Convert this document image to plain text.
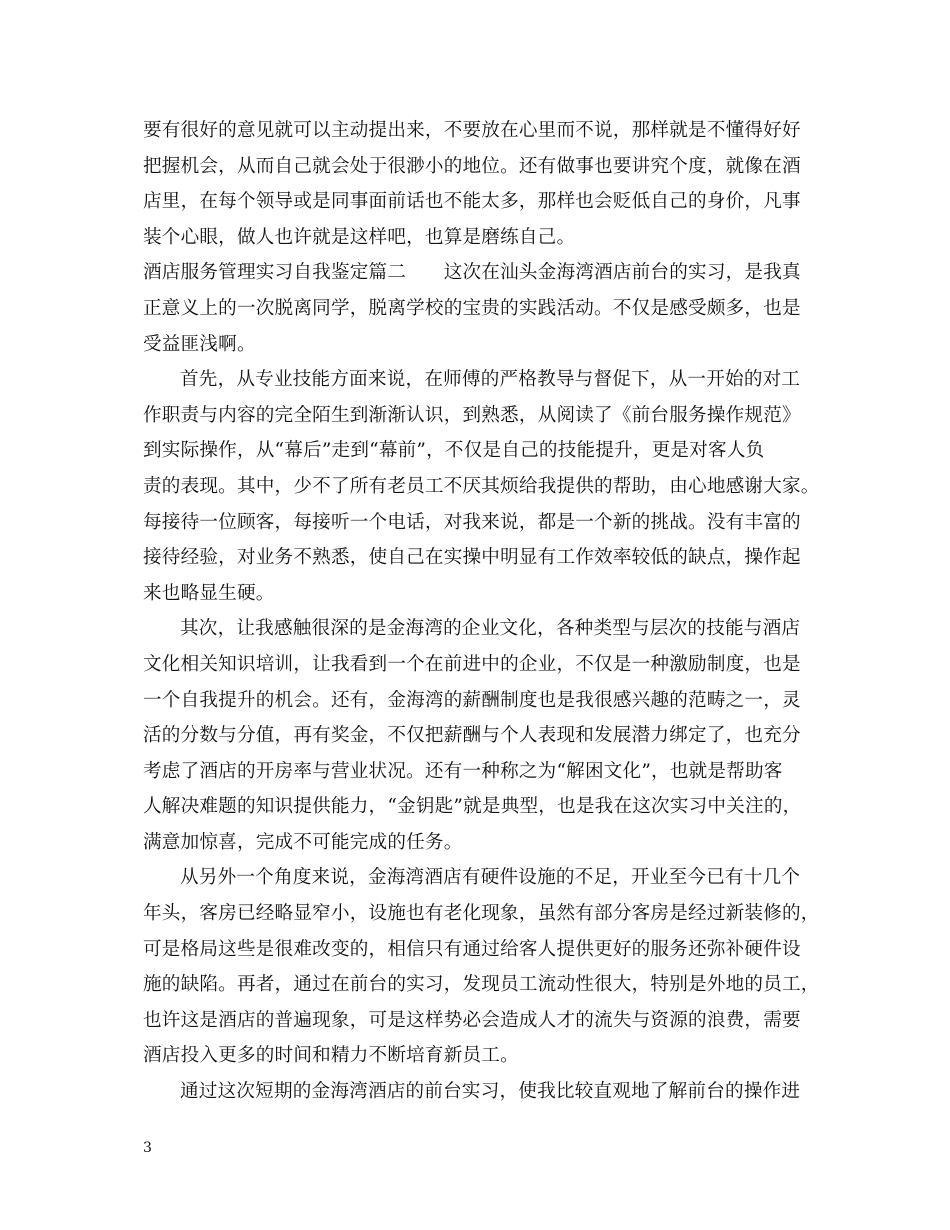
要有很好的意见就可以主动提出来，不要放在心里而不说，那样就是不懂得好好
把握机会，从而自己就会处于很渺小的地位。还有做事也要讲究个度，就像在酒
店里，在每个领导或是同事面前话也不能太多，那样也会贬低自己的身价，凡事
装个心眼，做人也许就是这样吧，也算是磨练自己。
酒店服务管理实习自我鉴定篇二　　这次在汕头金海湾酒店前台的实习，是我真
正意义上的一次脱离同学，脱离学校的宝贵的实践活动。不仅是感受颇多，也是
受益匪浅啊。
首先，从专业技能方面来说，在师傅的严格教导与督促下，从一开始的对工
作职责与内容的完全陌生到渐渐认识，到熟悉，从阅读了《前台服务操作规范》
到实际操作，从“幕后”走到“幕前”，不仅是自己的技能提升，更是对客人负
责的表现。其中，少不了所有老员工不厌其烦给我提供的帮助，由心地感谢大家。
每接待一位顾客，每接听一个电话，对我来说，都是一个新的挑战。没有丰富的
接待经验，对业务不熟悉，使自己在实操中明显有工作效率较低的缺点，操作起
来也略显生硬。
其次，让我感触很深的是金海湾的企业文化，各种类型与层次的技能与酒店
文化相关知识培训，让我看到一个在前进中的企业，不仅是一种激励制度，也是
一个自我提升的机会。还有，金海湾的薪酬制度也是我很感兴趣的范畴之一，灵
活的分数与分值，再有奖金，不仅把薪酬与个人表现和发展潜力绑定了，也充分
考虑了酒店的开房率与营业状况。还有一种称之为“解困文化”，也就是帮助客
人解决难题的知识提供能力，“金钥匙”就是典型，也是我在这次实习中关注的，
满意加惊喜，完成不可能完成的任务。
从另外一个角度来说，金海湾酒店有硬件设施的不足，开业至今已有十几个
年头，客房已经略显窄小，设施也有老化现象，虽然有部分客房是经过新装修的，
可是格局这些是很难改变的，相信只有通过给客人提供更好的服务还弥补硬件设
施的缺陷。再者，通过在前台的实习，发现员工流动性很大，特别是外地的员工，
也许这是酒店的普遍现象，可是这样势必会造成人才的流失与资源的浪费，需要
酒店投入更多的时间和精力不断培育新员工。
通过这次短期的金海湾酒店的前台实习，使我比较直观地了解前台的操作进
3
